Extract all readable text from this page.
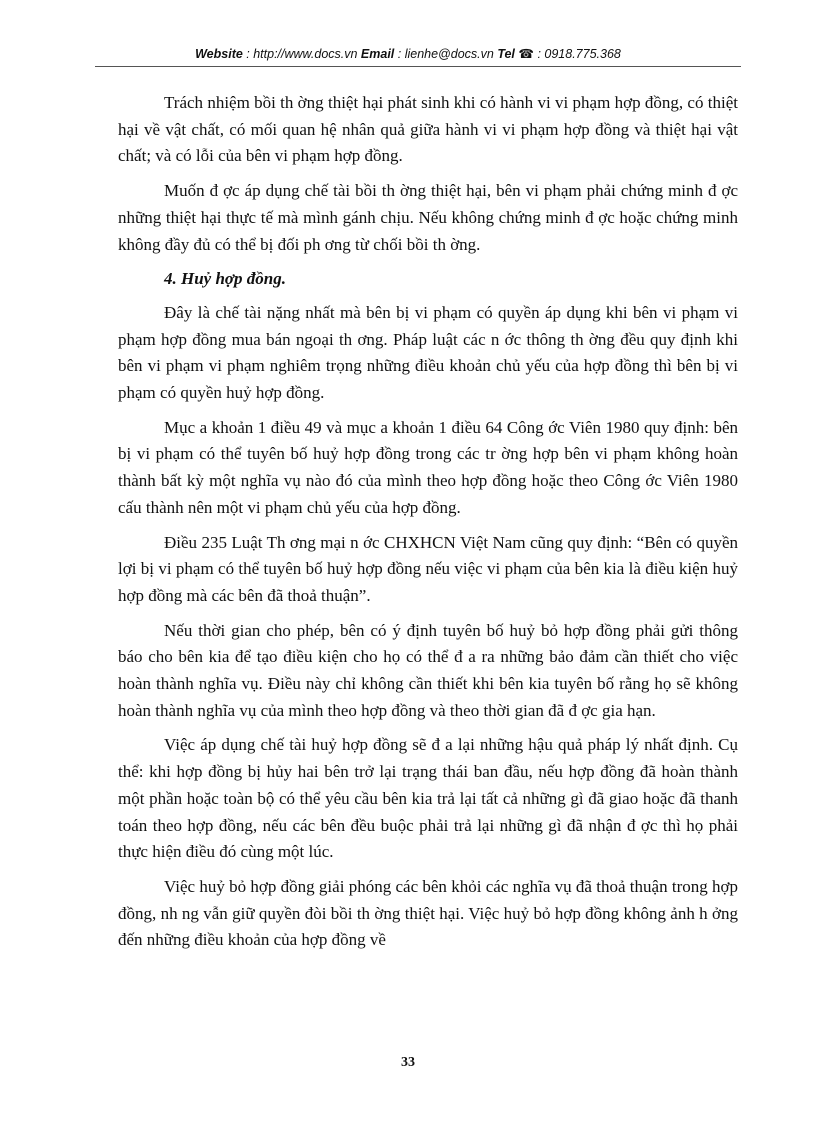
Website : http://www.docs.vn Email : lienhe@docs.vn Tel ☎ : 0918.775.368

Trách nhiệm bồi th ờng thiệt hại phát sinh khi có hành vi vi phạm hợp đồng, có thiệt hại về vật chất, có mối quan hệ nhân quả giữa hành vi vi phạm hợp đồng và thiệt hại vật chất; và có lỗi của bên vi phạm hợp đồng.

Muốn đ ợc áp dụng chế tài bồi th ờng thiệt hại, bên vi phạm phải chứng minh đ ợc những thiệt hại thực tế mà mình gánh chịu. Nếu không chứng minh đ ợc hoặc chứng minh không đầy đủ có thể bị đối ph ơng từ chối bồi th ờng.

4. Huỷ hợp đồng.

Đây là chế tài nặng nhất mà bên bị vi phạm có quyền áp dụng khi bên vi phạm vi phạm hợp đồng mua bán ngoại th ơng. Pháp luật các n ớc thông th ờng đều quy định khi bên vi phạm vi phạm nghiêm trọng những điều khoản chủ yếu của hợp đồng thì bên bị vi phạm có quyền huỷ hợp đồng.

Mục a khoản 1 điều 49 và mục a khoản 1 điều 64 Công ớc Viên 1980 quy định: bên bị vi phạm có thể tuyên bố huỷ hợp đồng trong các tr ờng hợp bên vi phạm không hoàn thành bất kỳ một nghĩa vụ nào đó của mình theo hợp đồng hoặc theo Công ớc Viên 1980 cấu thành nên một vi phạm chủ yếu của hợp đồng.

Điều 235 Luật Th ơng mại n ớc CHXHCN Việt Nam cũng quy định: “Bên có quyền lợi bị vi phạm có thể tuyên bố huỷ hợp đồng nếu việc vi phạm của bên kia là điều kiện huỷ hợp đồng mà các bên đã thoả thuận”.

Nếu thời gian cho phép, bên có ý định tuyên bố huỷ bỏ hợp đồng phải gửi thông báo cho bên kia để tạo điều kiện cho họ có thể đ a ra những bảo đảm cần thiết cho việc hoàn thành nghĩa vụ. Điều này chỉ không cần thiết khi bên kia tuyên bố rằng họ sẽ không hoàn thành nghĩa vụ của mình theo hợp đồng và theo thời gian đã đ ợc gia hạn.

Việc áp dụng chế tài huỷ hợp đồng sẽ đ a lại những hậu quả pháp lý nhất định. Cụ thể: khi hợp đồng bị hủy hai bên trở lại trạng thái ban đầu, nếu hợp đồng đã hoàn thành một phần hoặc toàn bộ có thể yêu cầu bên kia trả lại tất cả những gì đã giao hoặc đã thanh toán theo hợp đồng, nếu các bên đều buộc phải trả lại những gì đã nhận đ ợc thì họ phải thực hiện điều đó cùng một lúc.

Việc huỷ bỏ hợp đồng giải phóng các bên khỏi các nghĩa vụ đã thoả thuận trong hợp đồng, nh ng vẫn giữ quyền đòi bồi th ờng thiệt hại. Việc huỷ bỏ hợp đồng không ảnh h ởng đến những điều khoản của hợp đồng về

33
